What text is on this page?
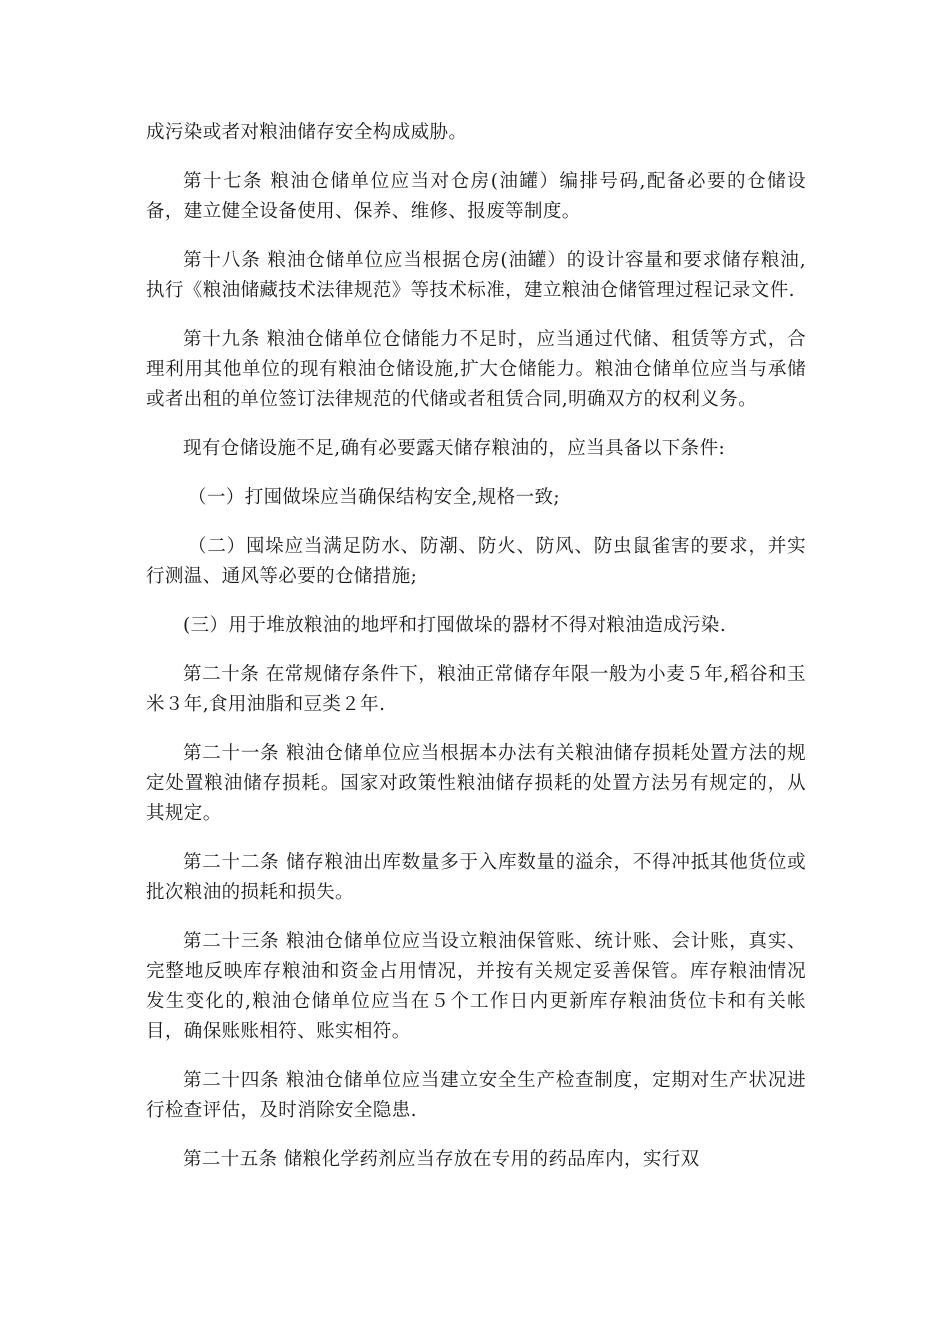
成污染或者对粮油储存安全构成威胁。

第十七条 粮油仓储单位应当对仓房(油罐）编排号码,配备必要的仓储设备，建立健全设备使用、保养、维修、报废等制度。

第十八条 粮油仓储单位应当根据仓房(油罐）的设计容量和要求储存粮油,执行《粮油储藏技术法律规范》等技术标准，建立粮油仓储管理过程记录文件.

第十九条 粮油仓储单位仓储能力不足时，应当通过代储、租赁等方式，合理利用其他单位的现有粮油仓储设施,扩大仓储能力。粮油仓储单位应当与承储或者出租的单位签订法律规范的代储或者租赁合同,明确双方的权利义务。

现有仓储设施不足,确有必要露天储存粮油的，应当具备以下条件:

（一）打囤做垛应当确保结构安全,规格一致;

（二）囤垛应当满足防水、防潮、防火、防风、防虫鼠雀害的要求，并实行测温、通风等必要的仓储措施;

(三）用于堆放粮油的地坪和打囤做垛的器材不得对粮油造成污染.

第二十条 在常规储存条件下，粮油正常储存年限一般为小麦５年,稻谷和玉米３年,食用油脂和豆类２年.

第二十一条 粮油仓储单位应当根据本办法有关粮油储存损耗处置方法的规定处置粮油储存损耗。国家对政策性粮油储存损耗的处置方法另有规定的，从其规定。

第二十二条 储存粮油出库数量多于入库数量的溢余，不得冲抵其他货位或批次粮油的损耗和损失。

第二十三条 粮油仓储单位应当设立粮油保管账、统计账、会计账，真实、完整地反映库存粮油和资金占用情况，并按有关规定妥善保管。库存粮油情况发生变化的,粮油仓储单位应当在５个工作日内更新库存粮油货位卡和有关帐目，确保账账相符、账实相符。

第二十四条 粮油仓储单位应当建立安全生产检查制度，定期对生产状况进行检查评估，及时消除安全隐患.

第二十五条 储粮化学药剂应当存放在专用的药品库内，实行双
